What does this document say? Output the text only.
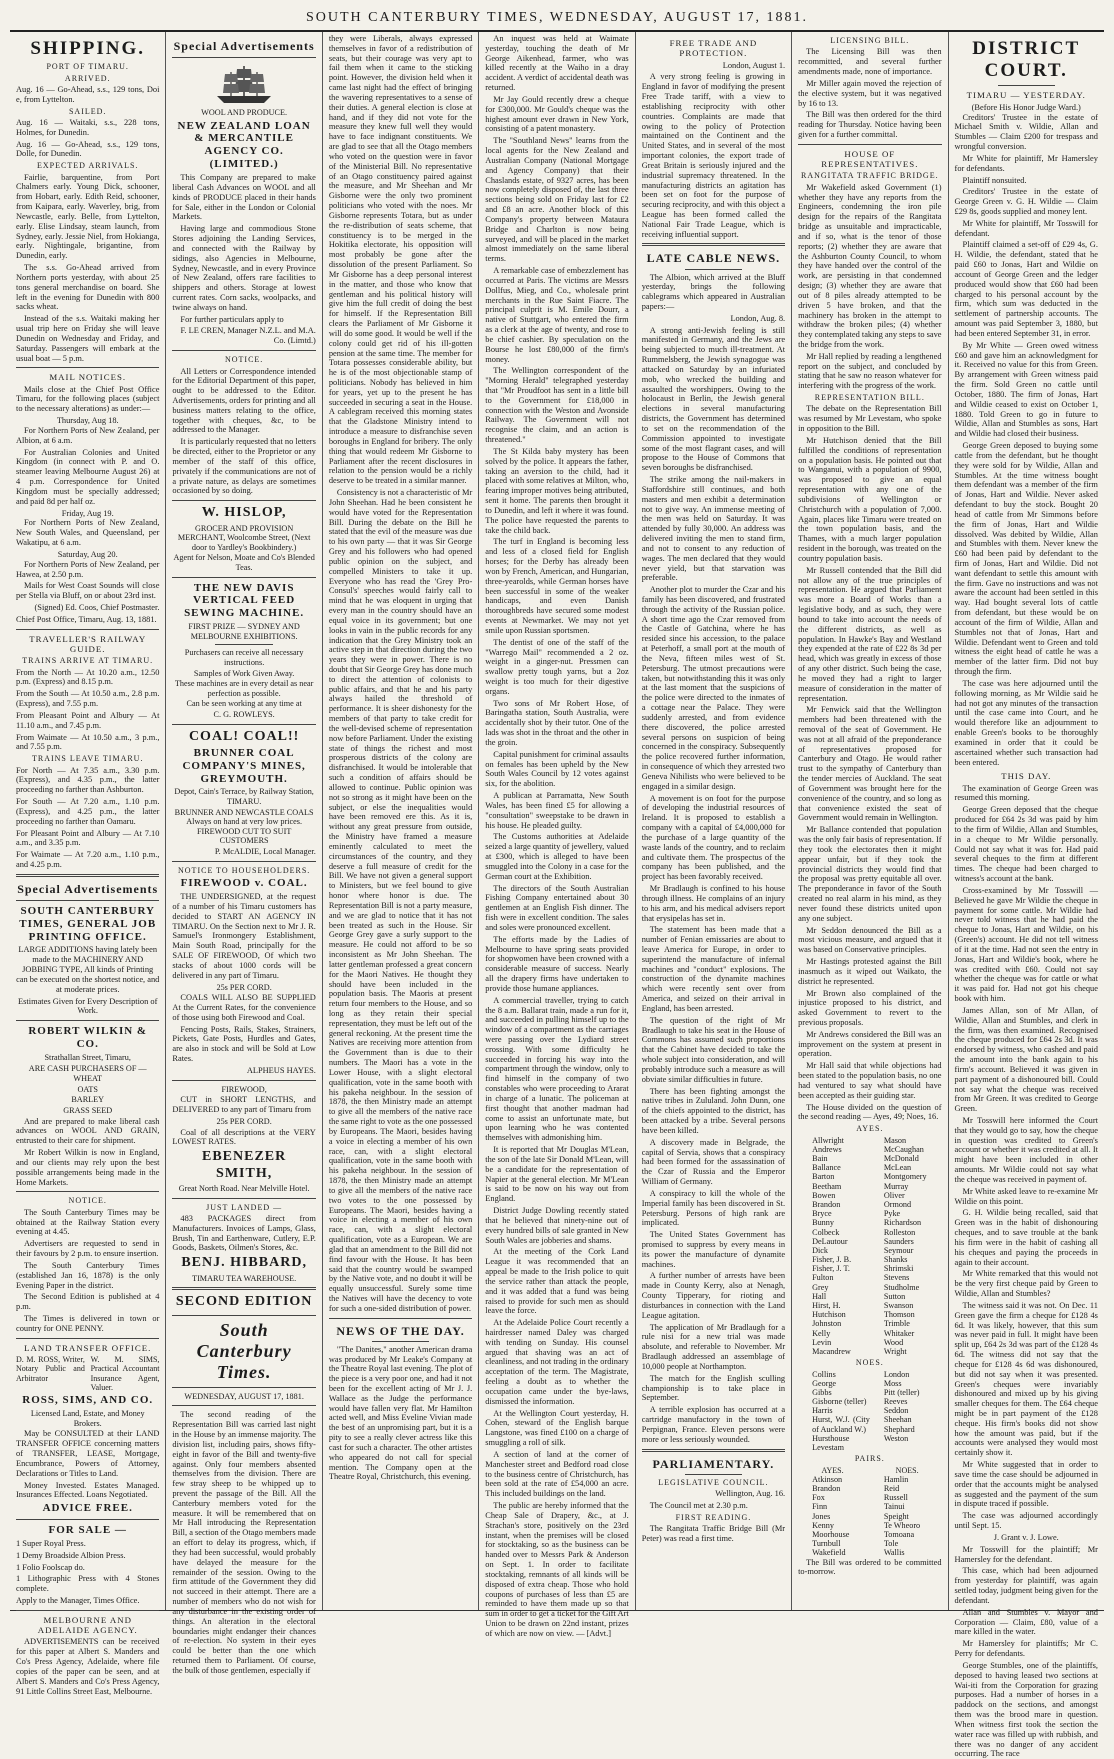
SOUTH CANTERBURY TIMES, WEDNESDAY, AUGUST 17, 1881.
SHIPPING.
PORT OF TIMARU.
ARRIVED.

Aug. 16 — Go-Ahead, s.s., 129 tons, Doi e, from Lyttelton.

SAILED.

Aug. 16 — Waitaki, s.s., 228 tons, Holmes, for Dunedin.

Aug. 16 — Go-Ahead, s.s., 129 tons, Dolle, for Dunedin.

EXPECTED ARRIVALS.

Fairlie, barquentine, from Port Chalmers early. Young Dick, schooner, from Hobart, early. Edith Reid, schooner, from Kaipara, early. Waverley, brig, from Newcastle, early. Belle, from Lyttelton, early. Elise Lindsay, steam launch, from Sydney, early. Jessie Niel, from Hokianga, early. Nightingale, brigantine, from Dunedin, early.

The s.s. Go-Ahead arrived from Northern ports yesterday, with about 25 tons general merchandise on board. She left in the evening for Dunedin with 800 sacks wheat.

Instead of the s.s. Waitaki making her usual trip here on Friday she will leave Dunedin on Wednesday and Friday, and Saturday. Passengers will embark at the usual boat — 5 p.m.

MAIL NOTICES.

Mails close at the Chief Post Office Timaru, for the following places (subject to the necessary alterations) as under:—

Thursday, Aug 18.

For Northern Ports of New Zealand, per Albion, at 6 a.m.

For Australian Colonies and United Kingdom (in connect with P. and O. steamer leaving Melbourne August 26) at 4 p.m. Correspondence for United Kingdom must be specially addressed; and paid 8d per half oz.

Friday, Aug 19.

For Northern Ports of New Zealand, New South Wales, and Queensland, per Wakatipu, at 6 a.m.

Saturday, Aug 20.

For Northern Ports of New Zealand, per Hawea, at 2.50 p.m.

Mails for West Coast Sounds will close per Stella via Bluff, on or about 23rd inst.

(Signed) Ed. Coos, Chief Postmaster.

Chief Post Office, Timaru, Aug. 13, 1881.

TRAVELLER'S RAILWAY GUIDE.
TRAINS ARRIVE AT TIMARU.

From the North — At 10.20 a.m., 12.50 p.m. (Express) and 8.15 p.m.

From the South — At 10.50 a.m., 2.8 p.m. (Express), and 7.55 p.m.

From Pleasant Point and Albury — At 11.10 a.m., and 7.45 p.m.

From Waimate — At 10.50 a.m., 3 p.m., and 7.55 p.m.

TRAINS LEAVE TIMARU.

For North — At 7.35 a.m., 3.30 p.m. (Express), and 4.35 p.m., the latter proceeding no farther than Ashburton.

For South — At 7.20 a.m., 1.10 p.m. (Express), and 4.25 p.m., the latter proceeding no farther than Oamaru.

For Pleasant Point and Albury — At 7.10 a.m., and 3.35 p.m.

For Waimate — At 7.20 a.m., 1.10 p.m., and 4.25 p.m.

Special Advertisements
SOUTH CANTERBURY TIMES, GENERAL JOB PRINTING OFFICE.

LARGE ADDITIONS having lately been made to the MACHINERY AND JOBBING TYPE, All kinds of Printing can be executed on the shortest notice, and at moderate prices.

Estimates Given for Every Description of Work.

ROBERT WILKIN & CO.
Strathallan Street, Timaru,
ARE CASH PURCHASERS OF —
WHEAT
OATS
BARLEY
GRASS SEED

And are prepared to make liberal cash advances on WOOL AND GRAIN, entrusted to their care for shipment.

Mr Robert Wilkin is now in England, and our clients may rely upon the best possible arrangements being made in the Home Markets.

NOTICE.

The South Canterbury Times may be obtained at the Railway Station every evening at 4.45.

Advertisers are requested to send in their favours by 2 p.m. to ensure insertion.

The South Canterbury Times (established Jan 16, 1878) is the only Evening Paper in the district.

The Second Edition is published at 4 p.m.

The Times is delivered in town or country for ONE PENNY.

LAND TRANSFER OFFICE.
D. M. ROSS, Writer, Notary Public and Arbitrator
W. M. SIMS, Practical Accountant Insurance Agent, Valuer.
ROSS, SIMS, AND CO.
Licensed Land, Estate, and Money Brokers.

May be CONSULTED at their LAND TRANSFER OFFICE concerning matters of TRANSFER, LEASE, Mortgage, Encumbrance, Powers of Attorney, Declarations or Titles to Land.

Money Invested. Estates Managed. Insurances Effected. Loans Negotiated.

ADVICE FREE.
FOR SALE —

1 Super Royal Press.

1 Demy Broadside Albion Press.

1 Folio Foolscap do.

1 Lithographic Press with 4 Stones complete.

Apply to the Manager, Times Office.

MELBOURNE AND ADELAIDE AGENCY.

ADVERTISEMENTS can be received for this paper at Albert S. Manders and Co's Press Agency, Adelaide, where file copies of the paper can be seen, and at Albert S. Manders and Co's Press Agency, 91 Little Collins Street East, Melbourne.

Special Advertisements
WOOL AND PRODUCE.
NEW ZEALAND LOAN & MERCANTILE AGENCY CO. (LIMITED.)

This Company are prepared to make liberal Cash Advances on WOOL and all kinds of PRODUCE placed in their hands for Sale, either in the London or Colonial Markets.

Having large and commodious Stone Stores adjoining the Landing Services, and connected with the Railway by sidings, also Agencies in Melbourne, Sydney, Newcastle, and in every Province of New Zealand, offers rare facilities to shippers and others. Storage at lowest current rates. Corn sacks, woolpacks, and twine always on hand.

For further particulars apply to

F. LE CREN, Manager N.Z.L. and M.A. Co. (Limtd.)

NOTICE.

All Letters or Correspondence intended for the Editorial Department of this paper, ought to be addressed to the Editor. Advertisements, orders for printing and all business matters relating to the office, together with cheques, &c, to be addressed to the Manager.

It is particularly requested that no letters be directed, either to the Proprietor or any member of the staff of this office, privately if the communications are not of a private nature, as delays are sometimes occasioned by so doing.

W. HISLOP,
GROCER AND PROVISION MERCHANT, Woolcombe Street, (Next door to Yardley's Bookbindery.)
Agent for Nelson, Moate and Co's Blended Teas.
THE NEW DAVIS VERTICAL FEED SEWING MACHINE.
FIRST PRIZE — SYDNEY AND MELBOURNE EXHIBITIONS.
Purchasers can receive all necessary instructions.
Samples of Work Given Away.
These machines are in every detail as near perfection as possible.
Can be seen working at any time at
C. G. ROWLEYS.
COAL! COAL!!
BRUNNER COAL COMPANY'S MINES, GREYMOUTH.
Depot, Cain's Terrace, by Railway Station, TIMARU.
BRUNNER AND NEWCASTLE COALS Always on hand at very low prices. FIREWOOD CUT TO SUIT CUSTOMERS

P. McALDIE, Local Manager.

NOTICE TO HOUSEHOLDERS.
FIREWOOD v. COAL.

THE UNDERSIGNED, at the request of a number of his Timaru customers has decided to START AN AGENCY IN TIMARU. On the Section next to Mr J. R. Samuel's Ironmongery Establishment, Main South Road, principally for the SALE OF FIREWOOD, Of which two stacks of about 1000 cords will be delivered in any part of Timaru.

25s PER CORD.

COALS WILL ALSO BE SUPPLIED At the Current Rates, for the convenience of those using both Firewood and Coal.

Fencing Posts, Rails, Stakes, Strainers, Pickets, Gate Posts, Hurdles and Gates, are also in stock and will be Sold at Low Rates.

ALPHEUS HAYES.

FIREWOOD,

CUT in SHORT LENGTHS, and DELIVERED to any part of Timaru from

25s PER CORD.

Coal of all descriptions at the VERY LOWEST RATES.

EBENEZER SMITH,
Great North Road. Near Melville Hotel.
JUST LANDED —

483 PACKAGES direct from Manufacturers. Invoices of Lamps, Glass, Brush, Tin and Earthenware, Cutlery, E.P. Goods, Baskets, Oilmen's Stores, &c.

BENJ. HIBBARD,
TIMARU TEA WAREHOUSE.
SECOND EDITION
South Canterbury Times.
WEDNESDAY, AUGUST 17, 1881.

The second reading of the Representation Bill was carried last night in the House by an immense majority. The division list, including pairs, shows fifty-eight in favor of the Bill and twenty-five against. Only four members absented themselves from the division. There are few stray sheep to be whipped up to prevent the passage of the Bill. All the Canterbury members voted for the measure. It will be remembered that on Mr Hall introducing the Representation Bill, a section of the Otago members made an effort to delay its progress, which, if they had been successful, would probably have delayed the measure for the remainder of the session. Owing to the firm attitude of the Government they did not succeed in their attempt. There are a number of members who do not wish for any disturbance in the existing order of things. An alteration in the electoral boundaries might endanger their chances of re-election. No system in their eyes could be better than the one which returned them to Parliament. Of course, the bulk of those gentlemen, especially if

they were Liberals, always expressed themselves in favor of a redistribution of seats, but their courage was very apt to fail them when it came to the sticking point. However, the division held when it came last night had the effect of bringing the wavering representatives to a sense of their duties. A general election is close at hand, and if they did not vote for the measure they knew full well they would have to face indignant constituents. We are glad to see that all the Otago members who voted on the question were in favor of the Ministerial Bill. No representative of an Otago constituency paired against the measure, and Mr Sheehan and Mr Gisborne were the only two prominent politicians who voted with the noes. Mr Gisborne represents Totara, but as under the re-distribution of seats scheme, that constituency is to be merged in the Hokitika electorate, his opposition will most probably be gone after the dissolution of the present Parliament. So Mr Gisborne has a deep personal interest in the matter, and those who know that gentleman and his political history will give him the full credit of doing the best for himself. If the Representation Bill clears the Parliament of Mr Gisborne it will do some good. It would be well if the colony could get rid of his ill-gotten pension at the same time. The member for Totara possesses considerable ability, but he is of the most objectionable stamp of politicians. Nobody has believed in him for years, yet up to the present he has succeeded in securing a seat in the House. A cablegram received this morning states that the Gladstone Ministry intend to introduce a measure to disfranchise seven boroughs in England for bribery. The only thing that would redeem Mr Gisborne to Parliament after the recent disclosures in relation to the pension would be a richly deserve to be treated in a similar manner.

Consistency is not a characteristic of Mr John Sheehan. Had he been consistent he would have voted for the Representation Bill. During the debate on the Bill he stated that the evil of the measure was due to his own party — that it was Sir George Grey and his followers who had opened public opinion on the subject, and compelled Ministers to take it up. Everyone who has read the 'Grey Pro-Consul's' speeches would fairly call to mind that he was eloquent in urging that every man in the country should have an equal voice in its government; but one looks in vain in the public records for any indication that the Grey Ministry took an active step in that direction during the two years they were in power. There is no doubt that Sir George Grey has done much to direct the attention of colonists to public affairs, and that he and his party always hailed the threshold of performance. It is sheer dishonesty for the members of that party to take credit for the well-devised scheme of representation now before Parliament. Under the existing state of things the richest and most prosperous districts of the colony are disfranchised. It would be intolerable that such a condition of affairs should be allowed to continue. Public opinion was not so strong as it might have been on the subject, or else the inequalities would have been removed ere this. As it is, without any great pressure from outside, the Ministry have framed a measure eminently calculated to meet the circumstances of the country, and they deserve a full measure of credit for the Bill. We have not given a general support to Ministers, but we feel bound to give honor where honor is due. The Representation Bill is not a party measure, and we are glad to notice that it has not been treated as such in the House. Sir George Grey gave a surly support to the measure. He could not afford to be so inconsistent as Mr John Sheehan. The latter gentleman professed a great concern for the Maori Natives. He thought they should have been included in the population basis. The Maoris at present return four members to the House, and so long as they retain their special representation, they must be left out of the general reckoning. At the present time the Natives are receiving more attention from the Government than is due to their numbers. The Maori has a vote in the Lower House, with a slight electoral qualification, vote in the same booth with his pakeha neighbour. In the session of 1878, the then Ministry made an attempt to give all the members of the native race the same right to vote as the one possessed by Europeans. The Maori, besides having a voice in electing a member of his own race, can, with a slight electoral qualification, vote in the same booth with his pakeha neighbour. In the session of 1878, the then Ministry made an attempt to give all the members of the native race two votes to the one possessed by Europeans. The Maori, besides having a voice in electing a member of his own race, can, with a slight electoral qualification, vote as a European. We are glad that an amendment to the Bill did not find favour with the House. It has been said that the country would be swamped by the Native vote, and no doubt it will be equally unsuccessful. Surely some time the Natives will have the decency to vote for such a one-sided distribution of power.

NEWS OF THE DAY.

"The Danites," another American drama was produced by Mr Leake's Company at the Theatre Royal last evening. The plot of the piece is a very poor one, and had it not been for the excellent acting of Mr J. J. Wallace as the Judge the performance would have fallen very flat. Mr Hamilton acted well, and Miss Eveline Vivian made the best of an unpromising part, but it is a pity to see a really clever actress like this cast for such a character. The other artistes who appeared do not call for special mention. The Company open at the Theatre Royal, Christchurch, this evening.

An inquest was held at Waimate yesterday, touching the death of Mr George Aikenhead, farmer, who was killed recently at the Waiho in a dray accident. A verdict of accidental death was returned.

Mr Jay Gould recently drew a cheque for £300,000. Mr Gould's cheque was the highest amount ever drawn in New York, consisting of a patent monastery.

The "Southland News" learns from the local agents for the New Zealand and Australian Company (National Mortgage and Agency Company) that their Chaslands estate, of 9327 acres, has been now completely disposed of, the last three sections being sold on Friday last for £2 and £8 an acre. Another block of this Company's property between Mataura Bridge and Charlton is now being surveyed, and will be placed in the market almost immediately on the same liberal terms.

A remarkable case of embezzlement has occurred at Paris. The victims are Messrs Dollfus, Mieg, and Co., wholesale print merchants in the Rue Saint Fiacre. The principal culprit is M. Emile Dourr, a native of Stuttgart, who entered the firm as a clerk at the age of twenty, and rose to be chief cashier. By speculation on the Bourse he lost £80,000 of the firm's money.

The Wellington correspondent of the "Morning Herald" telegraphed yesterday that "Mr Proudfoot has sent in a little bill to the Government for £18,000 in connection with the Weston and Avonside Railway. The Government will not recognise the claim, and an action is threatened."

The St Kilda baby mystery has been solved by the police. It appears the father, taking an aversion to the child, had it placed with some relatives at Milton, who, fearing improper motives being attributed, sent it home. The parents then brought it to Dunedin, and left it where it was found. The police have requested the parents to take the child back.

The turf in England is becoming less and less of a closed field for English horses; for the Derby has already been won by French, American, and Hungarian, three-yearolds, while German horses have been successful in some of the weaker handicaps, and even Danish thoroughbreds have secured some modest events at Newmarket. We may not yet smile upon Russian sportsmen.

The dentist of one of the staff of the "Warrego Mail" recommended a 2 oz. weight in a ginger-nut. Pressmen can swallow pretty tough yarns, but a 2oz weight is too much for their digestive organs.

Two sons of Mr Robert Hose, of Baringatha station, South Australia, were accidentally shot by their tutor. One of the lads was shot in the throat and the other in the groin.

Capital punishment for criminal assaults on females has been upheld by the New South Wales Council by 12 votes against six, for the abolition.

A publican at Parramatta, New South Wales, has been fined £5 for allowing a "consultation" sweepstake to be drawn in his house. He pleaded guilty.

The Customs authorities at Adelaide seized a large quantity of jewellery, valued at £300, which is alleged to have been smuggled into the Colony in a case for the German court at the Exhibition.

The directors of the South Australian Fishing Company entertained about 30 gentlemen at an English Fish dinner. The fish were in excellent condition. The sales and soles were pronounced excellent.

The efforts made by the Ladies of Melbourne to have spring seats provided for shopwomen have been crowned with a considerable measure of success. Nearly all the drapery firms have undertaken to provide those humane appliances.

A commercial traveller, trying to catch the 8 a.m. Ballarat train, made a run for it, and succeeded in pulling himself up to the window of a compartment as the carriages were passing over the Lydiard street crossing. With some difficulty he succeeded in forcing his way into the compartment through the window, only to find himself in the company of two constables who were proceeding to Ararat in charge of a lunatic. The policeman at first thought that another madman had come to assist an unfortunate mate, but upon learning who he was contented themselves with admonishing him.

It is reported that Mr Douglas M'Lean, the son of the late Sir Donald M'Lean, will be a candidate for the representation of Napier at the general election. Mr M'Lean is said to be now on his way out from England.

District Judge Dowling recently stated that he believed that ninety-nine out of every hundred bills of sale granted in New South Wales are jobberies and shams.

At the meeting of the Cork Land League it was recommended that an appeal be made to the Irish police to quit the service rather than attack the people, and it was added that a fund was being raised to provide for such men as should leave the force.

At the Adelaide Police Court recently a hairdresser named Daley was charged with tending on Sunday. His counsel argued that shaving was an act of cleanliness, and not trading in the ordinary acceptation of the term. The Magistrate, feeling a doubt as to whether the occupation came under the bye-laws, dismissed the information.

At the Wellington Court yesterday, H. Cohen, steward of the English barque Langstone, was fined £100 on a charge of smuggling a roll of silk.

A section of land at the corner of Manchester street and Bedford road close to the business centre of Christchurch, has been sold at the rate of £54,000 an acre. This included buildings on the land.

The public are hereby informed that the Cheap Sale of Drapery, &c., at J. Strachan's store, positively on the 23rd instant, when the premises will be closed for stocktaking, so as the business can be handed over to Messrs Park & Anderson on Sept. 1. In order to facilitate stocktaking, remnants of all kinds will be disposed of extra cheap. Those who hold coupons of purchases of less than £5 are reminded to have them made up so that sum in order to get a ticket for the Gift Art Union to be drawn on 22nd instant, prizes of which are now on view. — [Advt.]

FREE TRADE AND PROTECTION.

London, August 1.

A very strong feeling is growing in England in favor of modifying the present Free Trade tariff, with a view to establishing reciprocity with other countries. Complaints are made that owing to the policy of Protection maintained on the Continent and the United States, and in several of the most important colonies, the export trade of Great Britain is seriously injured and the industrial supremacy threatened. In the manufacturing districts an agitation has been set on foot for the purpose of securing reciprocity, and with this object a League has been formed called the National Fair Trade League, which is receiving influential support.

LATE CABLE NEWS.

The Albion, which arrived at the Bluff yesterday, brings the following cablegrams which appeared in Australian papers:—

London, Aug. 8.

A strong anti-Jewish feeling is still manifested in Germany, and the Jews are being subjected to much ill-treatment. At Rummelsberg, the Jewish synagogue was attacked on Saturday by an infuriated mob, who wrecked the building and assaulted the worshippers. Owing to the holocaust in Berlin, the Jewish general elections in several manufacturing districts, the Government has determined to set on the recommendation of the Commission appointed to investigate some of the most flagrant cases, and will propose to the House of Commons that seven boroughs be disfranchised.

The strike among the nail-makers in Staffordshire still continues, and both masters and men exhibit a determination not to give way. An immense meeting of the men was held on Saturday. It was attended by fully 30,000. An address was delivered inviting the men to stand firm, and not to consent to any reduction of wages. The men declared that they would never yield, but that starvation was preferable.

Another plot to murder the Czar and his family has been discovered, and frustrated through the activity of the Russian police. A short time ago the Czar removed from the Castle of Gatchina, where he has resided since his accession, to the palace at Peterhoff, a small port at the mouth of the Neva, fifteen miles west of St. Petersburg. The utmost precautions were taken, but notwithstanding this it was only at the last moment that the suspicions of the police were directed to the inmates of a cottage near the Palace. They were suddenly arrested, and from evidence there discovered, the police arrested several persons on suspicion of being concerned in the conspiracy. Subsequently the police recovered further information, in consequence of which they arrested two Geneva Nihilists who were believed to be engaged in a similar design.

A movement is on foot for the purpose of developing the industrial resources of Ireland. It is proposed to establish a company with a capital of £4,000,000 for the purchase of a large quantity of the waste lands of the country, and to reclaim and cultivate them. The prospectus of the company has been published, and the project has been favorably received.

Mr Bradlaugh is confined to his house through illness. He complains of an injury to his arm, and his medical advisers report that erysipelas has set in.

The statement has been made that a number of Fenian emissaries are about to leave America for Europe, in order to superintend the manufacture of infernal machines and "conduct" explosions. The construction of the dynamite machines which were recently sent over from America, and seized on their arrival in England, has been arrested.

The question of the right of Mr Bradlaugh to take his seat in the House of Commons has assumed such proportions that the Cabinet have decided to take the whole subject into consideration, and will probably introduce such a measure as will obviate similar difficulties in future.

There has been fighting amongst the native tribes in Zululand. John Dunn, one of the chiefs appointed to the district, has been attacked by a tribe. Several persons have been killed.

A discovery made in Belgrade, the capital of Servia, shows that a conspiracy had been formed for the assassination of the Czar of Russia and the Emperor William of Germany.

A conspiracy to kill the whole of the Imperial family has been discovered in St. Petersburg. Persons of high rank are implicated.

The United States Government has promised to suppress by every means in its power the manufacture of dynamite machines.

A further number of arrests have been made in County Kerry, also at Nenagh, County Tipperary, for rioting and disturbances in connection with the Land League agitation.

The application of Mr Bradlaugh for a rule nisi for a new trial was made absolute, and referable to November. Mr Bradlaugh addressed an assemblage of 10,000 people at Northampton.

The match for the English sculling championship is to take place in September.

A terrible explosion has occurred at a cartridge manufactory in the town of Perpignan, France. Eleven persons were more or less seriously wounded.

PARLIAMENTARY.
LEGISLATIVE COUNCIL.

Wellington, Aug. 16.

The Council met at 2.30 p.m.

FIRST READING.

The Rangitata Traffic Bridge Bill (Mr Peter) was read a first time.

LICENSING BILL.

The Licensing Bill was then recommitted, and several further amendments made, none of importance.

Mr Miller again moved the rejection of the elective system, but it was negatived by 16 to 13.

The Bill was then ordered for the third reading for Thursday. Notice having been given for a further committal.

HOUSE OF REPRESENTATIVES.
RANGITATA TRAFFIC BRIDGE.

Mr Wakefield asked Government (1) whether they have any reports from the Engineers, condemning the iron pile design for the repairs of the Rangitata bridge as unsuitable and impracticable, and if so, what is the tenor of those reports; (2) whether they are aware that the Ashburton County Council, to whom they have handed over the control of the work, are persisting in that condemned design; (3) whether they are aware that out of 8 piles already attempted to be driven 5 have broken, and that the machinery has broken in the attempt to withdraw the broken piles; (4) whether they contemplated taking any steps to save the bridge from the work.

Mr Hall replied by reading a lengthened report on the subject, and concluded by stating that he saw no reason whatever for interfering with the progress of the work.

REPRESENTATION BILL.

The debate on the Representation Bill was resumed by Mr Levestam, who spoke in opposition to the Bill.

Mr Hutchison denied that the Bill fulfilled the conditions of representation on a population basis. He pointed out that to Wanganui, with a population of 9900, was proposed to give an equal representation with any one of the subdivisions of Wellington or Christchurch with a population of 7,000. Again, places like Timaru were treated on the town population basis, and the Thames, with a much larger population resident in the borough, was treated on the country population basis.

Mr Russell contended that the Bill did not allow any of the true principles of representation. He argued that Parliament was more a Board of Works than a legislative body, and as such, they were bound to take into account the needs of the different districts, as well as population. In Hawke's Bay and Westland they expended at the rate of £22 8s 3d per head, which was greatly in excess of those of any other district. Such being the case, he moved they had a right to larger measure of consideration in the matter of representation.

Mr Fenwick said that the Wellington members had been threatened with the removal of the seat of Government. He was not at all afraid of the preponderance of representatives proposed for Canterbury and Otago. He would rather trust to the sympathy of Canterbury than the tender mercies of Auckland. The seat of Government was brought here for the convenience of the country, and so long as that convenience existed the seat of Government would remain in Wellington.

Mr Ballance contended that population was the only fair basis of representation. If they took the electorates then it might appear unfair, but if they took the provincial districts they would find that the proposal was pretty equitable all over. The preponderance in favor of the South created no real alarm in his mind, as they never found these districts united upon any one subject.

Mr Seddon denounced the Bill as a most vicious measure, and argued that it was based on Conservative principles.

Mr Hastings protested against the Bill inasmuch as it wiped out Waikato, the district he represented.

Mr Brown also complained of the injustice proposed to his district, and asked Government to revert to the previous proposals.

Mr Andrews considered the Bill was an improvement on the system at present in operation.

Mr Hall said that while objections had been stated to the population basis, no one had ventured to say what should have been accepted as their guiding star.

The House divided on the question of the second reading — Ayes, 49; Noes, 16.

AYES.
Allwright
Andrews
Bain
Ballance
Barton
Beetham
Bowen
Brandon
Bryce
Bunny
Colbeck
DeLautour
Dick
Fisher, J. B.
Fisher, J. T.
Fulton
Grey
Hall
Hirst, H.
Hutchison
Johnston
Kelly
Levin
Macandrew
Mason
McCaughan
McDonald
McLean
Montgomery
Murray
Oliver
Ormond
Pyke
Richardson
Rolleston
Saunders
Seymour
Shanks
Shrimski
Stevens
Studholme
Sutton
Swanson
Thomson
Trimble
Whitaker
Wood
Wright
NOES.
Collins
George
Gibbs
Gisborne (teller)
Harris
Hurst, W.J. (City of Auckland W.)
Hursthouse
Levestam
London
Moss
Pitt (teller)
Reeves
Seddon
Sheehan
Shephard
Weston
PAIRS.
AYES.	NOES.
Atkinson
Brandon
Fox
Finn
Jones
Kenny
Moorhouse
Turnbull
Wakefield
Hamlin
Reid
Russell
Tainui
Speight
Te Wheoro
Tomoana
Tole
Wallis

The Bill was ordered to be committed to-morrow.

DISTRICT COURT.
TIMARU — YESTERDAY.
(Before His Honor Judge Ward.)

Creditors' Trustee in the estate of Michael Smith v. Wildie, Allan and Stumbles — Claim £200 for trespass and wrongful conversion.

Mr White for plaintiff, Mr Hamersley for defendants.

Plaintiff nonsuited.

Creditors' Trustee in the estate of George Green v. G. H. Wildie — Claim £29 8s, goods supplied and money lent.

Mr White for plaintiff, Mr Tosswill for defendant.

Plaintiff claimed a set-off of £29 4s, G. H. Wildie, the defendant, stated that he paid £60 to Jonas, Hart and Wildie on account of George Green and the ledger produced would show that £60 had been charged to his personal account by the firm, which sum was deducted in the settlement of partnership accounts. The amount was paid September 3, 1880, but had been entered September 31, in error.

By Mr White — Green owed witness £60 and gave him an acknowledgment for it. Received no value for this from Green. By arrangement with Green witness paid the firm. Sold Green no cattle until October, 1880. The firm of Jonas, Hart and Wildie ceased to exist on October 1, 1880. Told Green to go in future to Wildie, Allan and Stumbles as sons, Hart and Wildie had closed their business.

George Green deposed to buying some cattle from the defendant, but he thought they were sold for by Wildie, Allan and Stumbles. At the time witness bought them defendant was a member of the firm of Jonas, Hart and Wildie. Never asked defendant to buy the stock. Bought 20 head of cattle from Mr Simmons before the firm of Jonas, Hart and Wildie dissolved. Was debited by Wildie, Allan and Stumbles with them. Never knew the £60 had been paid by defendant to the firm of Jonas, Hart and Wildie. Did not want defendant to settle this amount with the firm. Gave no instructions and was not aware the account had been settled in this way. Had bought several lots of cattle from defendant, but these would be on account of the firm of Wildie, Allan and Stumbles not that of Jonas, Hart and Wildie. Defendant went to Green and told witness the eight head of cattle he was a member of the latter firm. Did not buy through the firm.

The case was here adjourned until the following morning, as Mr Wildie said he had not got any minutes of the transaction until the case came into Court, and he would therefore like an adjournment to enable Green's books to be thoroughly examined in order that it could be ascertained whether such transaction had been entered.

THIS DAY.

The examination of George Green was resumed this morning.

George Green deposed that the cheque produced for £64 2s 3d was paid by him to the firm of Wildie, Allan and Stumbles, in a cheque to Mr Wildie personally. Could not say what it was for. Had paid several cheques to the firm at different times. The cheque had been charged to witness's account at the bank.

Cross-examined by Mr Tosswill — Believed he gave Mr Wildie the cheque in payment for some cattle. Mr Wildie had never told witness that he had paid the cheque to Jonas, Hart and Wildie, on his (Green's) account. He did not tell witness of it at the time. Had not seen the entry in Jonas, Hart and Wildie's book, where he was credited with £60. Could not say whether the cheque was for cattle or what it was paid for. Had not got his cheque book with him.

James Allan, son of Mr Allan, of Wildie, Allan and Stumbles, and clerk in the firm, was then examined. Recognised the cheque produced for £64 2s 3d. It was endorsed by witness, who cashed and paid the amount into the bank again to his firm's account. Believed it was given in part payment of a dishonoured bill. Could not say what the cheque was received from Mr Green. It was credited to George Green.

Mr Tosswill here informed the Court that they would go to say, how the cheque in question was credited to Green's account or whether it was credited at all. It might have been included in other amounts. Mr Wildie could not say what the cheque was received in payment of.

Mr White asked leave to re-examine Mr Wildie on this point.

G. H. Wildie being recalled, said that Green was in the habit of dishonouring cheques, and to save trouble at the bank his firm were in the habit of cashing all his cheques and paying the proceeds in again to their account.

Mr White remarked that this would not be the very first cheque paid by Green to Wildie, Allan and Stumbles?

The witness said it was not. On Dec. 11 Green gave the firm a cheque for £128 4s 6d. It was likely, however, that this sum was never paid in full. It might have been split up, £64 2s 3d was part of the £128 4s 6d. The witness did not say that the cheque for £128 4s 6d was dishonoured, but did not say when it was presented. Green's cheques were invariably dishonoured and mixed up by his giving smaller cheques for them. The £64 cheque might be in part payment of the £128 cheque. His firm's books did not show how the amount was paid, but if the accounts were analysed they would most certainly show it.

Mr White suggested that in order to save time the case should be adjourned in order that the accounts might be analysed as suggested and the payment of the sum in dispute traced if possible.

The case was adjourned accordingly until Sept. 15.

J. Grant v. J. Lowe.

Mr Tosswill for the plaintiff; Mr Hamersley for the defendant.

This case, which had been adjourned from yesterday for plaintiff, was again settled today, judgment being given for the defendant.

Allan and Stumbles v. Mayor and Corporation — Claim, £80, value of a mare killed in the water.

Mr Hamersley for plaintiffs; Mr C. Perry for defendants.

George Stumbles, one of the plaintiffs, deposed to having leased two sections at Wai-iti from the Corporation for grazing purposes. Had a number of horses in a paddock on the sections, and amongst them was the brood mare in question. When witness first took the section the water race was filled up with rubbish, and there was no danger of any accident occurring. The race
